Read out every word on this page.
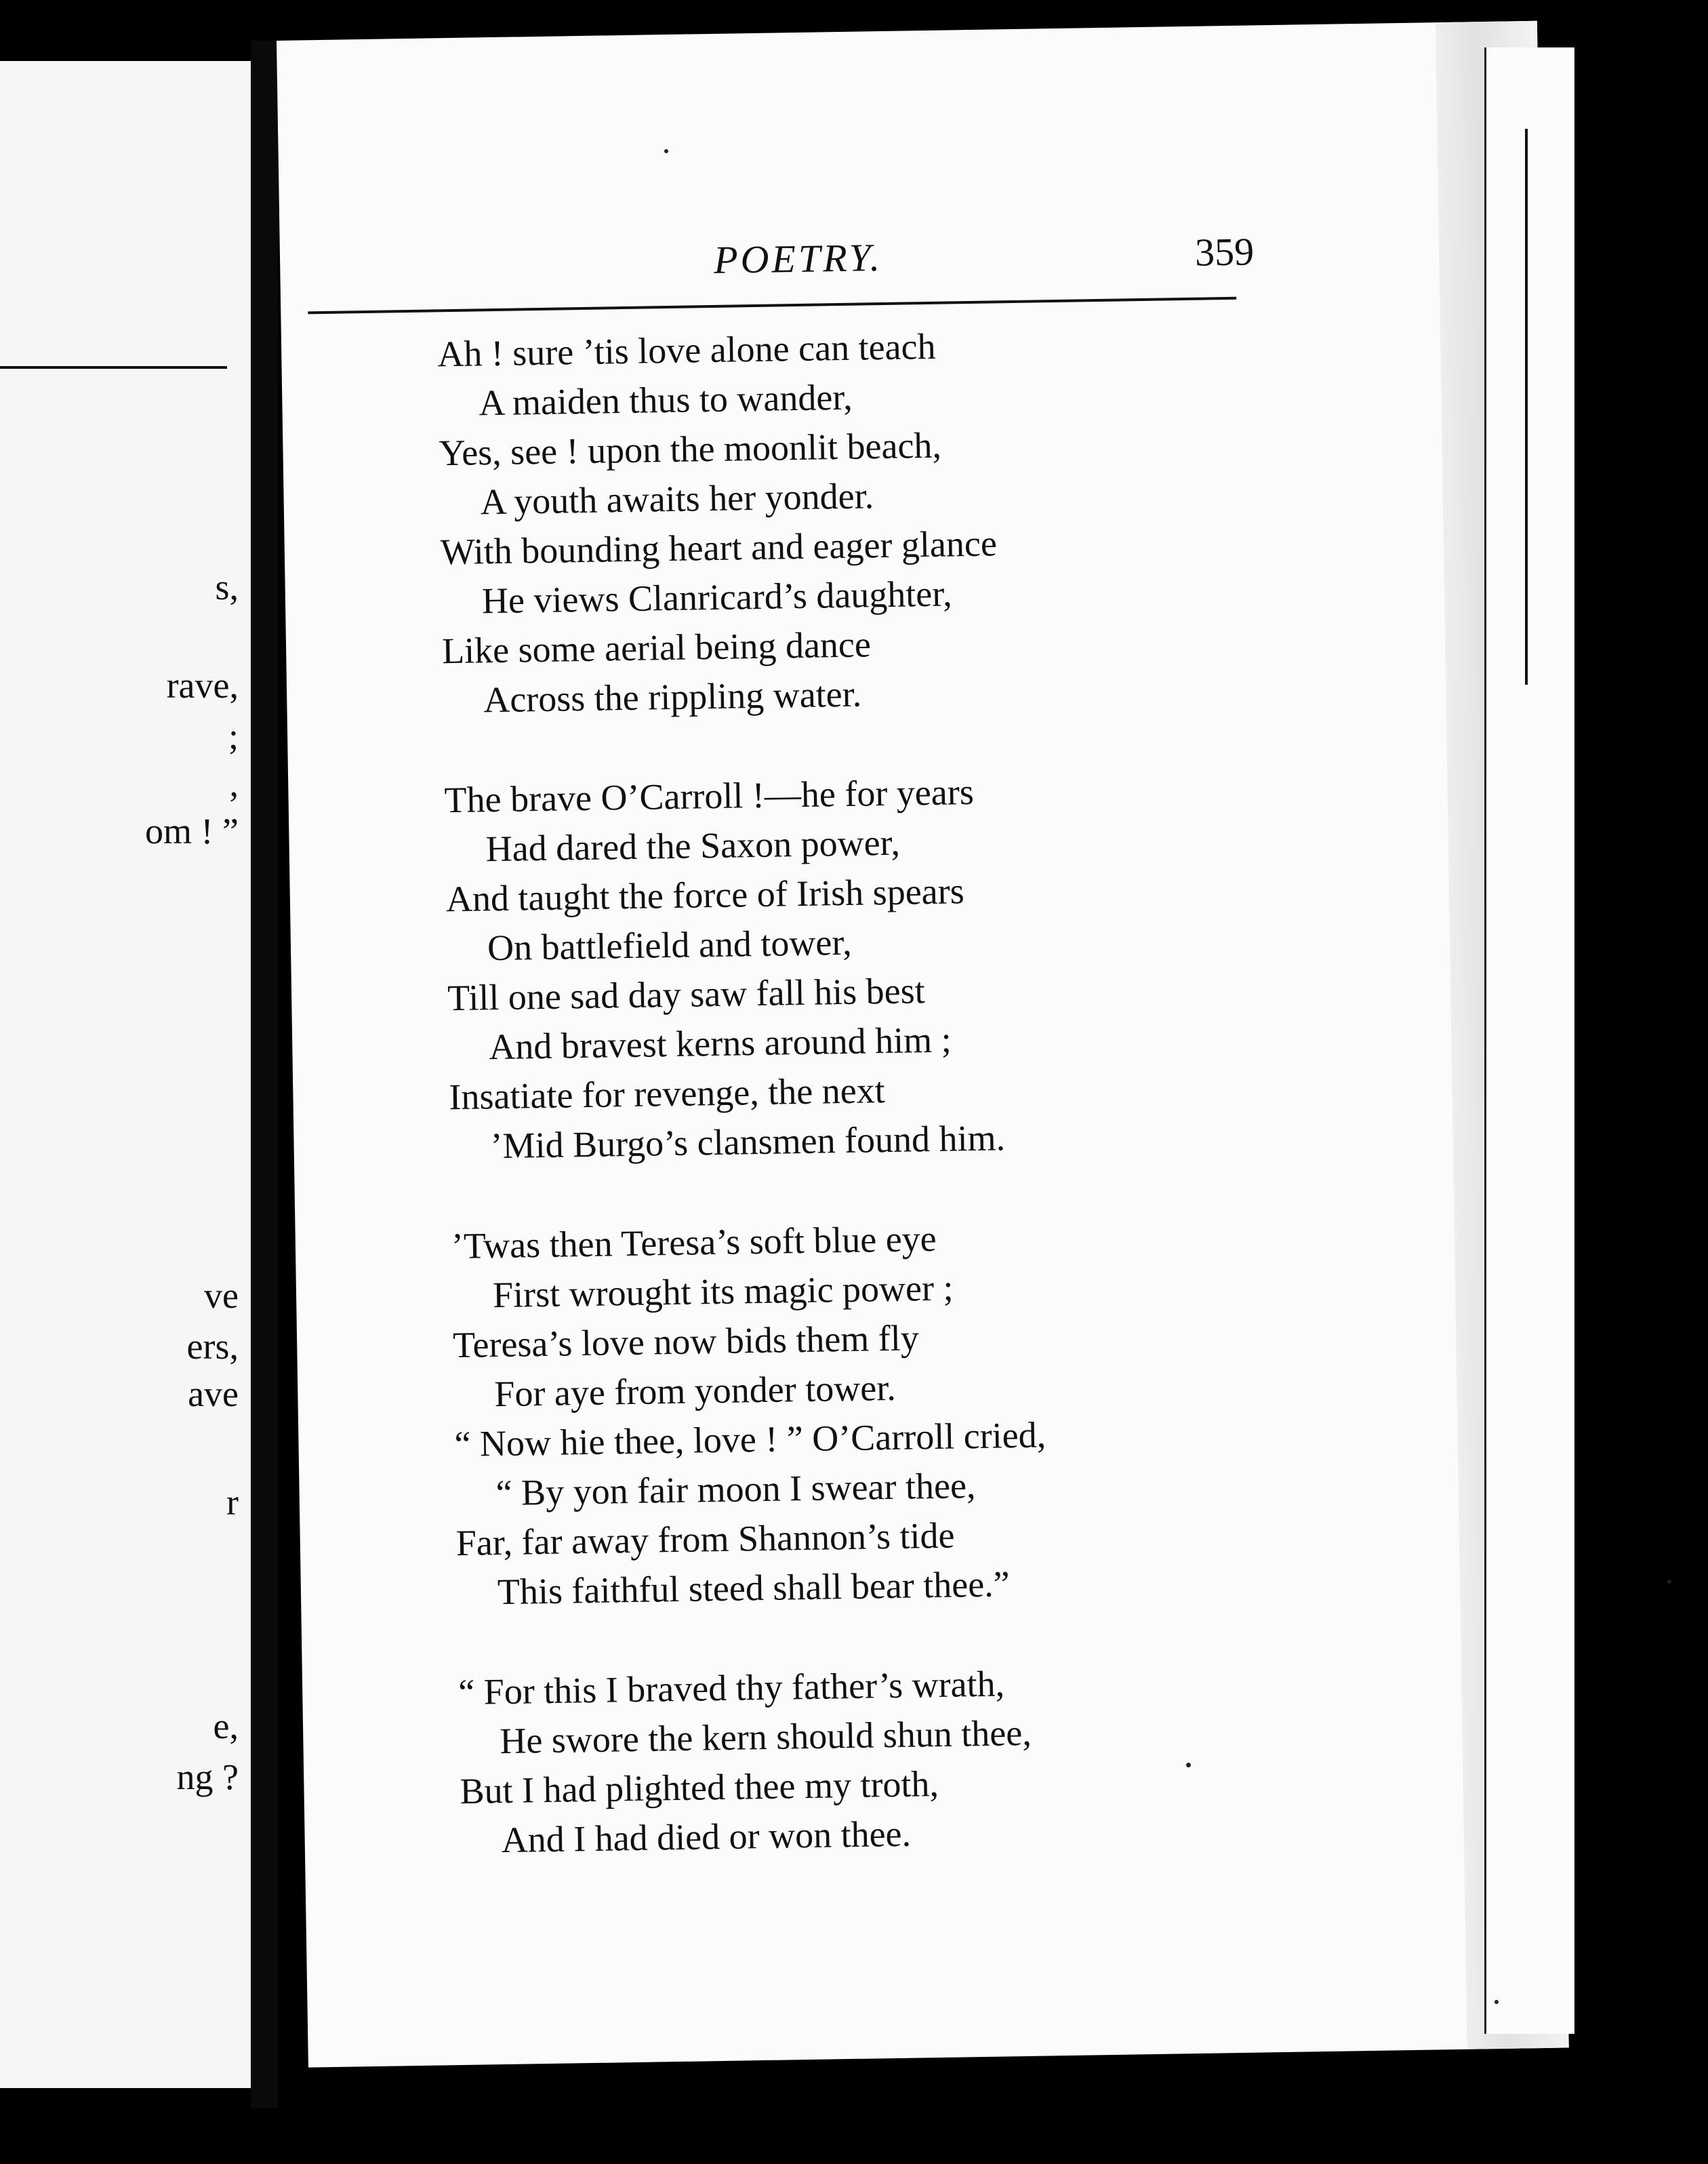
s,
rave,
;
,
om ! ”
ve
ers,
ave
r
e,
ng ?
POETRY.	359
Ah ! sure ’tis love alone can teach
A maiden thus to wander,
Yes, see ! upon the moonlit beach,
A youth awaits her yonder.
With bounding heart and eager glance
He views Clanricard’s daughter,
Like some aerial being dance
Across the rippling water.
The brave O’Carroll !—he for years
Had dared the Saxon power,
And taught the force of Irish spears
On battlefield and tower,
Till one sad day saw fall his best
And bravest kerns around him ;
Insatiate for revenge, the next
’Mid Burgo’s clansmen found him.
’Twas then Teresa’s soft blue eye
First wrought its magic power ;
Teresa’s love now bids them fly
For aye from yonder tower.
“ Now hie thee, love ! ” O’Carroll cried,
“ By yon fair moon I swear thee,
Far, far away from Shannon’s tide
This faithful steed shall bear thee.”
“ For this I braved thy father’s wrath,
He swore the kern should shun thee,
But I had plighted thee my troth,
And I had died or won thee.
